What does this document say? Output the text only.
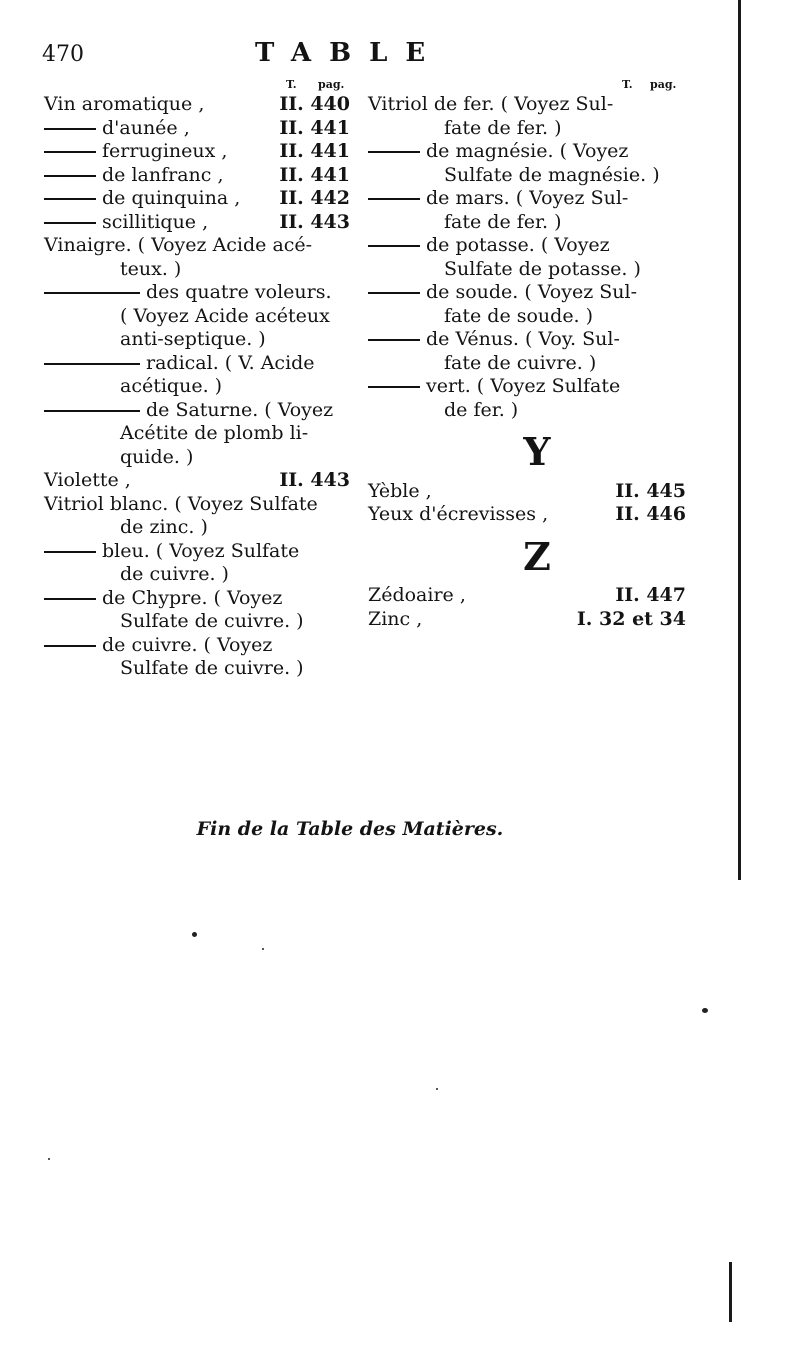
470	TABLE
T. pag.	T. pag.
Vin aromatique ,	II. 440
d'aunée ,	II. 441
ferrugineux ,	II. 441
de lanfranc ,	II. 441
de quinquina , II. 442
scillitique ,	II. 443
Vinaigre. ( Voyez Acide acé-
teux. )
des quatre voleurs.
( Voyez Acide acéteux
anti-septique. )
radical. ( V. Acide
acétique. )
de Saturne. ( Voyez
Acétite de plomb li-
quide. )
Violette ,	II. 443
Vitriol blanc. ( Voyez Sulfate
de zinc. )
bleu. ( Voyez Sulfate
de cuivre. )
de Chypre. ( Voyez
Sulfate de cuivre. )
de cuivre. ( Voyez
Sulfate de cuivre. )
Vitriol de fer. ( Voyez Sul-
fate de fer. )
de magnésie. ( Voyez
Sulfate de magnésie. )
de mars. ( Voyez Sul-
fate de fer. )
de potasse. ( Voyez
Sulfate de potasse. )
de soude. ( Voyez Sul-
fate de soude. )
de Vénus. ( Voy. Sul-
fate de cuivre. )
vert. ( Voyez Sulfate
de fer. )
Y
Yèble ,	II. 445
Yeux d'écrevisses ,	II. 446
Z
Zédoaire ,	II. 447
Zinc ,	I. 32 et 34
Fin de la Table des Matières.
